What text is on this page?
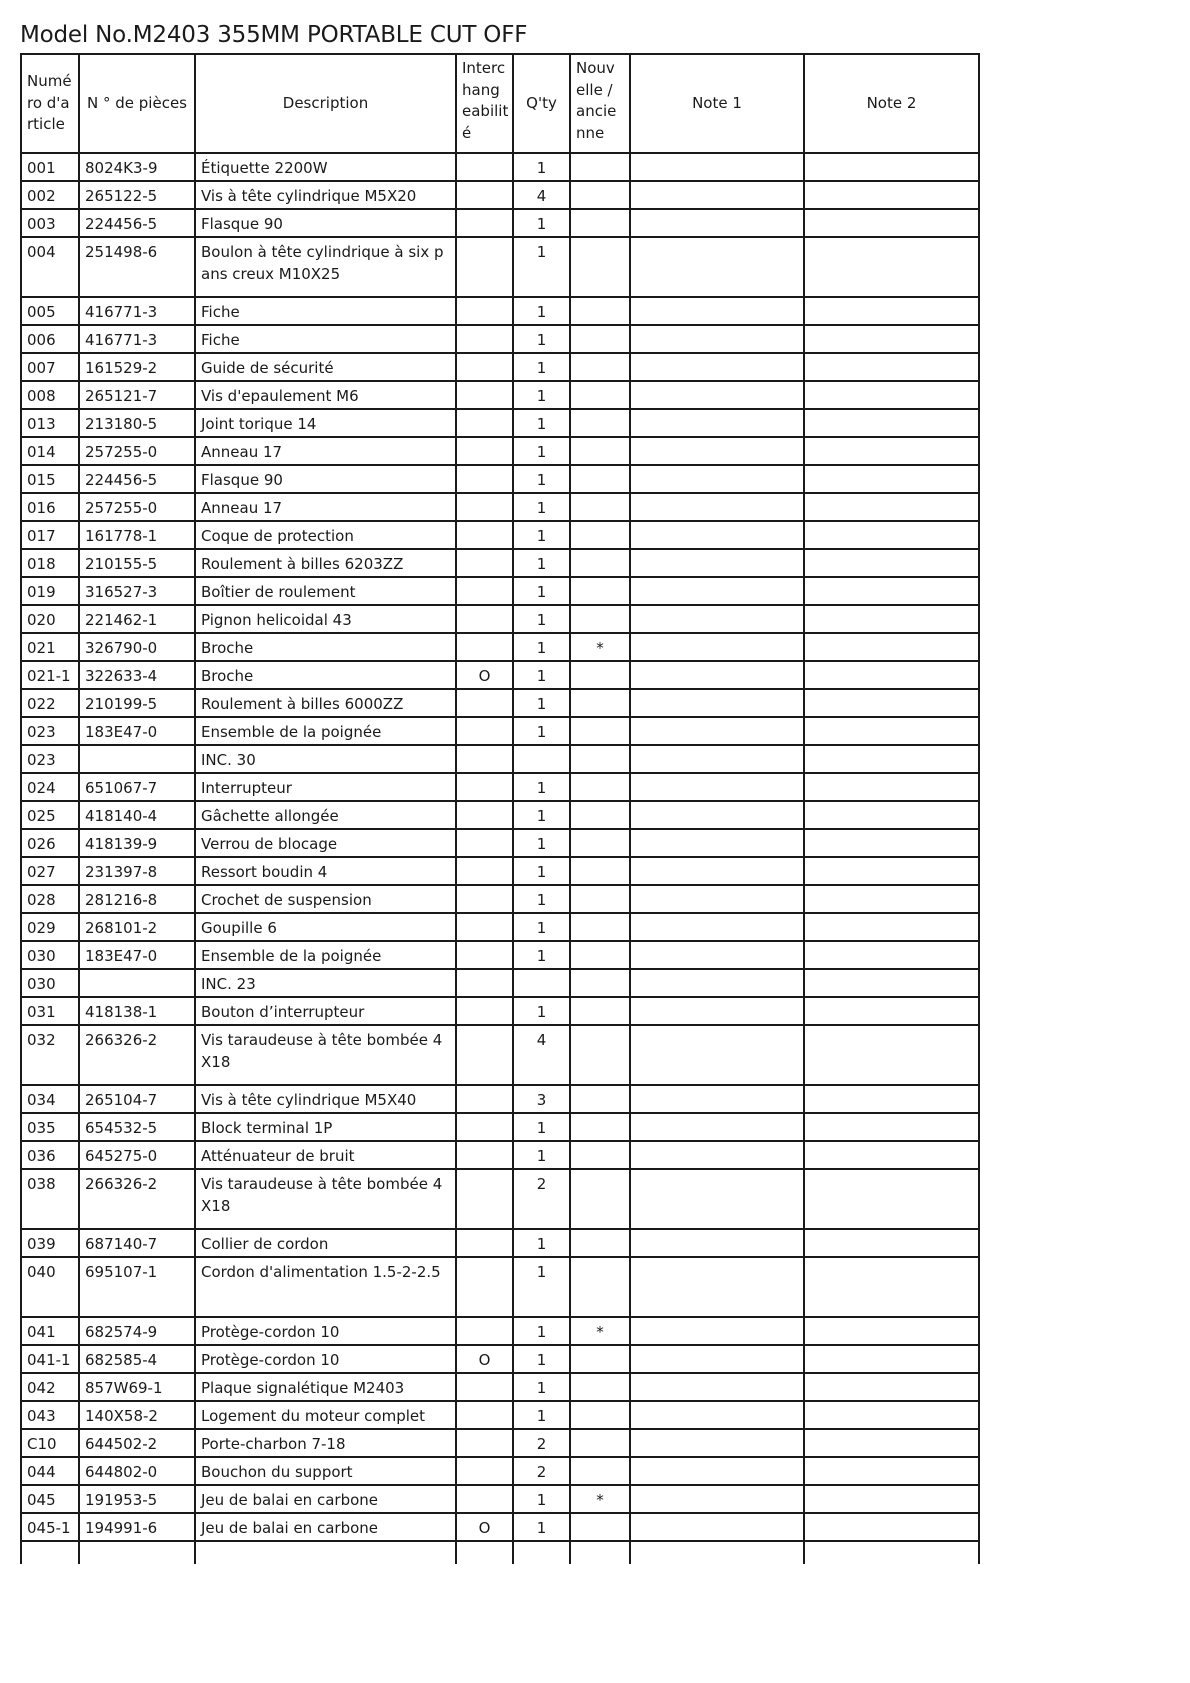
Model No.M2403 355MM PORTABLE CUT OFF
Numé ro d'a rticle	N ° de pièces	Description	Interc hang eabilit é	Q'ty	Nouv elle / ancie nne	Note 1	Note 2
001	8024K3-9	Étiquette 2200W		1			
002	265122-5	Vis à tête cylindrique M5X20		4			
003	224456-5	Flasque 90		1			
004	251498-6	Boulon à tête cylindrique à six pans creux M10X25		1			
005	416771-3	Fiche		1			
006	416771-3	Fiche		1			
007	161529-2	Guide de sécurité		1			
008	265121-7	Vis d'epaulement M6		1			
013	213180-5	Joint torique 14		1			
014	257255-0	Anneau 17		1			
015	224456-5	Flasque 90		1			
016	257255-0	Anneau 17		1			
017	161778-1	Coque de protection		1			
018	210155-5	Roulement à billes 6203ZZ		1			
019	316527-3	Boîtier de roulement		1			
020	221462-1	Pignon helicoidal 43		1			
021	326790-0	Broche		1	*		
021-1	322633-4	Broche	O	1			
022	210199-5	Roulement à billes 6000ZZ		1			
023	183E47-0	Ensemble de la poignée		1			
023		INC. 30					
024	651067-7	Interrupteur		1			
025	418140-4	Gâchette allongée		1			
026	418139-9	Verrou de blocage		1			
027	231397-8	Ressort boudin 4		1			
028	281216-8	Crochet de suspension		1			
029	268101-2	Goupille 6		1			
030	183E47-0	Ensemble de la poignée		1			
030		INC. 23					
031	418138-1	Bouton d’interrupteur		1			
032	266326-2	Vis taraudeuse à tête bombée 4X18		4			
034	265104-7	Vis à tête cylindrique M5X40		3			
035	654532-5	Block terminal 1P		1			
036	645275-0	Atténuateur de bruit		1			
038	266326-2	Vis taraudeuse à tête bombée 4X18		2			
039	687140-7	Collier de cordon		1			
040	695107-1	Cordon d'alimentation 1.5-2-2.5		1			
041	682574-9	Protège-cordon 10		1	*		
041-1	682585-4	Protège-cordon 10	O	1			
042	857W69-1	Plaque signalétique M2403		1			
043	140X58-2	Logement du moteur complet		1			
C10	644502-2	Porte-charbon 7-18		2			
044	644802-0	Bouchon du support		2			
045	191953-5	Jeu de balai en carbone		1	*		
045-1	194991-6	Jeu de balai en carbone	O	1			
